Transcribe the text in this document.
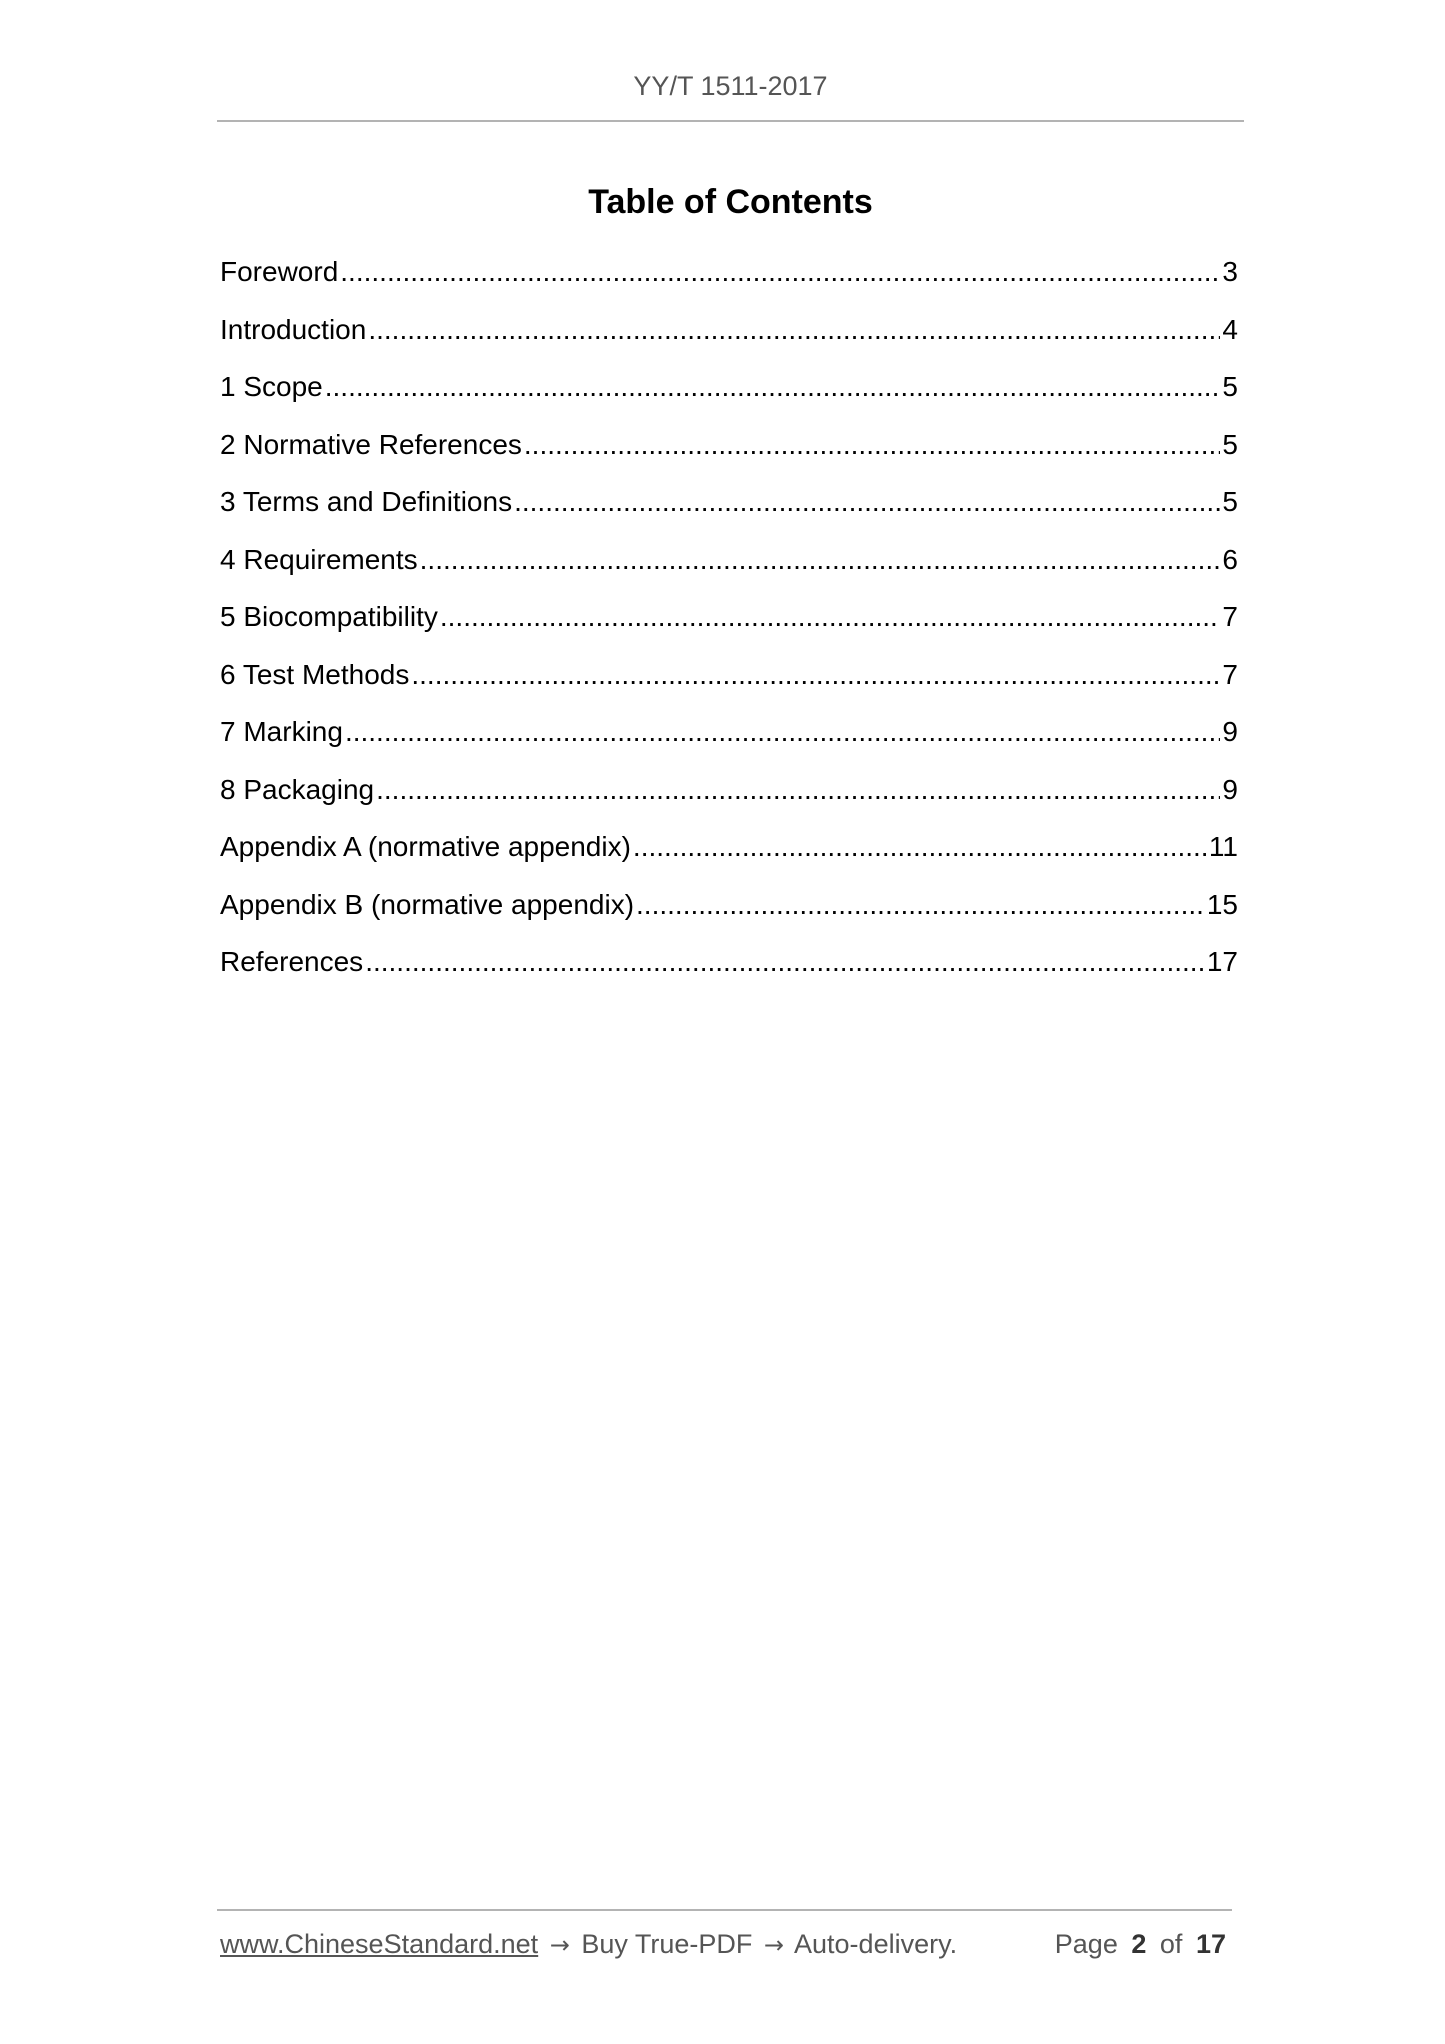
YY/T 1511-2017
Table of Contents
Foreword .....	3
Introduction .....	4
1 Scope .....	5
2 Normative References .....	5
3 Terms and Definitions .....	5
4 Requirements .....	6
5 Biocompatibility .....	7
6 Test Methods .....	7
7 Marking .....	9
8 Packaging .....	9
Appendix A (normative appendix) .....	11
Appendix B (normative appendix) .....	15
References .....	17
www.ChineseStandard.net → Buy True-PDF → Auto-delivery.	Page 2 of 17
